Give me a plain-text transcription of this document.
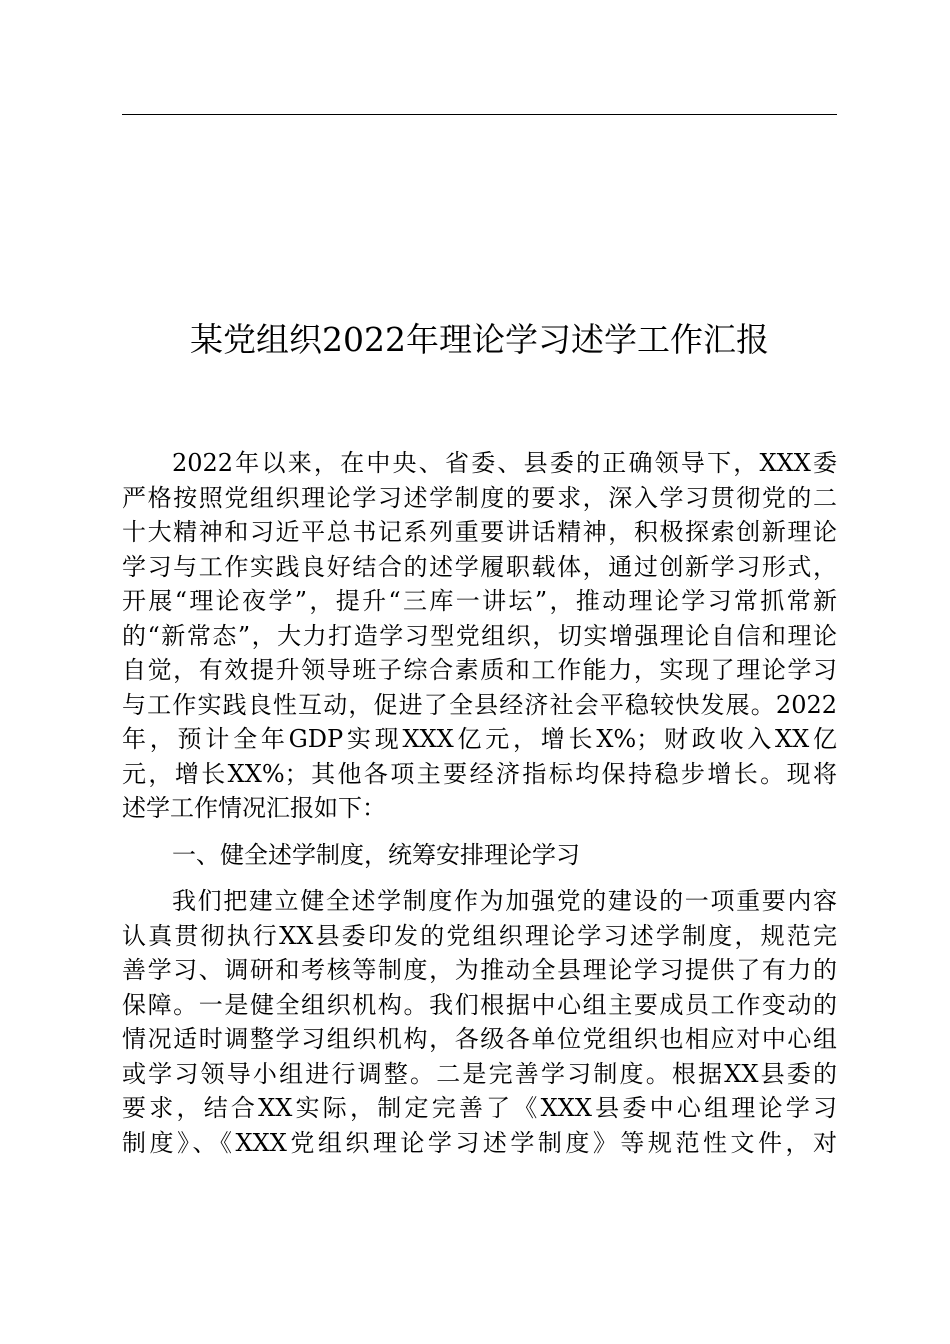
某党组织2022年理论学习述学工作汇报
2022年以来，在中央、省委、县委的正确领导下，XXX委
严格按照党组织理论学习述学制度的要求，深入学习贯彻党的二
十大精神和习近平总书记系列重要讲话精神，积极探索创新理论
学习与工作实践良好结合的述学履职载体，通过创新学习形式，
开展“理论夜学”，提升“三库一讲坛”，推动理论学习常抓常新
的“新常态”，大力打造学习型党组织，切实增强理论自信和理论
自觉，有效提升领导班子综合素质和工作能力，实现了理论学习
与工作实践良性互动，促进了全县经济社会平稳较快发展。2022
年，预计全年GDP实现XXX亿元，增长X%；财政收入XX亿
元，增长XX%；其他各项主要经济指标均保持稳步增长。现将
述学工作情况汇报如下：
一、健全述学制度，统筹安排理论学习
我们把建立健全述学制度作为加强党的建设的一项重要内容
认真贯彻执行XX县委印发的党组织理论学习述学制度，规范完
善学习、调研和考核等制度，为推动全县理论学习提供了有力的
保障。一是健全组织机构。我们根据中心组主要成员工作变动的
情况适时调整学习组织机构，各级各单位党组织也相应对中心组
或学习领导小组进行调整。二是完善学习制度。根据XX县委的
要求，结合XX实际，制定完善了《XXX县委中心组理论学习
制度》、《XXX党组织理论学习述学制度》等规范性文件，对
